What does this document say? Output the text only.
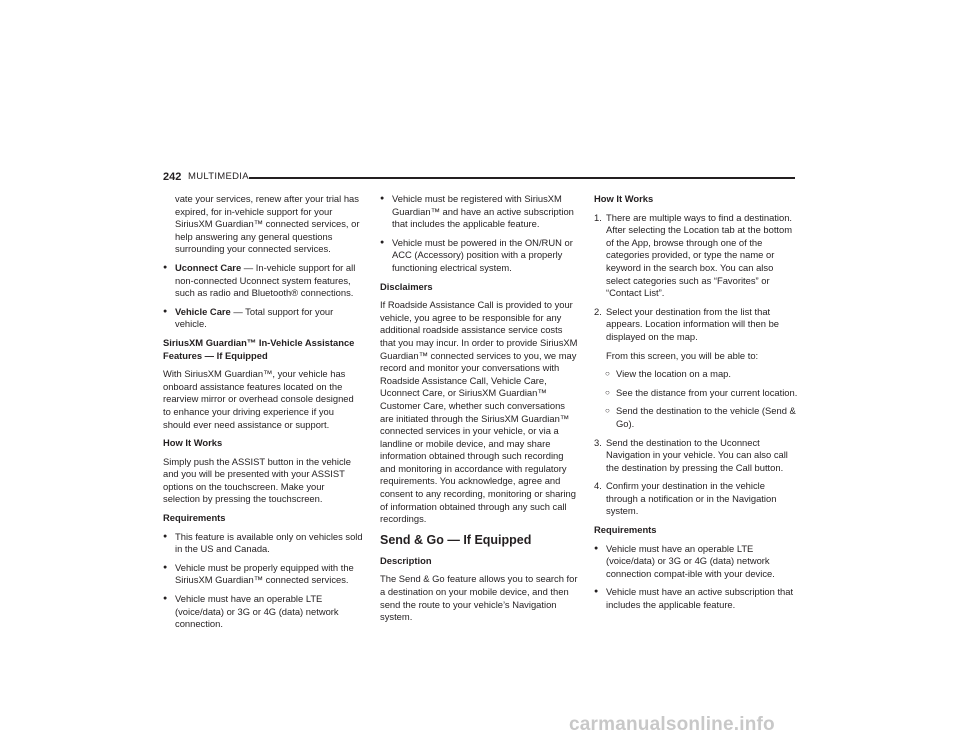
242 MULTIMEDIA

vate your services, renew after your trial has expired, for in-vehicle support for your SiriusXM Guardian™ connected services, or help answering any general questions surrounding your connected services.

● Uconnect Care — In-vehicle support for all non-connected Uconnect system features, such as radio and Bluetooth® connections.

● Vehicle Care — Total support for your vehicle.

SiriusXM Guardian™ In-Vehicle Assistance Features — If Equipped

With SiriusXM Guardian™, your vehicle has onboard assistance features located on the rearview mirror or overhead console designed to enhance your driving experience if you should ever need assistance or support.

How It Works

Simply push the ASSIST button in the vehicle and you will be presented with your ASSIST options on the touchscreen. Make your selection by pressing the touchscreen.

Requirements

● This feature is available only on vehicles sold in the US and Canada.

● Vehicle must be properly equipped with the SiriusXM Guardian™ connected services.

● Vehicle must have an operable LTE (voice/data) or 3G or 4G (data) network connection.

● Vehicle must be registered with SiriusXM Guardian™ and have an active subscription that includes the applicable feature.

● Vehicle must be powered in the ON/RUN or ACC (Accessory) position with a properly functioning electrical system.

Disclaimers

If Roadside Assistance Call is provided to your vehicle, you agree to be responsible for any additional roadside assistance service costs that you may incur. In order to provide SiriusXM Guardian™ connected services to you, we may record and monitor your conversations with Roadside Assistance Call, Vehicle Care, Uconnect Care, or SiriusXM Guardian™ Customer Care, whether such conversations are initiated through the SiriusXM Guardian™ connected services in your vehicle, or via a landline or mobile device, and may share information obtained through such recording and monitoring in accordance with regulatory requirements. You acknowledge, agree and consent to any recording, monitoring or sharing of information obtained through any such call recordings.

Send & Go — If Equipped

Description

The Send & Go feature allows you to search for a destination on your mobile device, and then send the route to your vehicle’s Navigation system.

How It Works

1. There are multiple ways to find a destination. After selecting the Location tab at the bottom of the App, browse through one of the categories provided, or type the name or keyword in the search box. You can also select categories such as “Favorites” or “Contact List”.

2. Select your destination from the list that appears. Location information will then be displayed on the map.

From this screen, you will be able to:

○ View the location on a map.

○ See the distance from your current location.

○ Send the destination to the vehicle (Send & Go).

3. Send the destination to the Uconnect Navigation in your vehicle. You can also call the destination by pressing the Call button.

4. Confirm your destination in the vehicle through a notification or in the Navigation system.

Requirements

● Vehicle must have an operable LTE (voice/data) or 3G or 4G (data) network connection compat-ible with your device.

● Vehicle must have an active subscription that includes the applicable feature.

carmanualsonline.info
